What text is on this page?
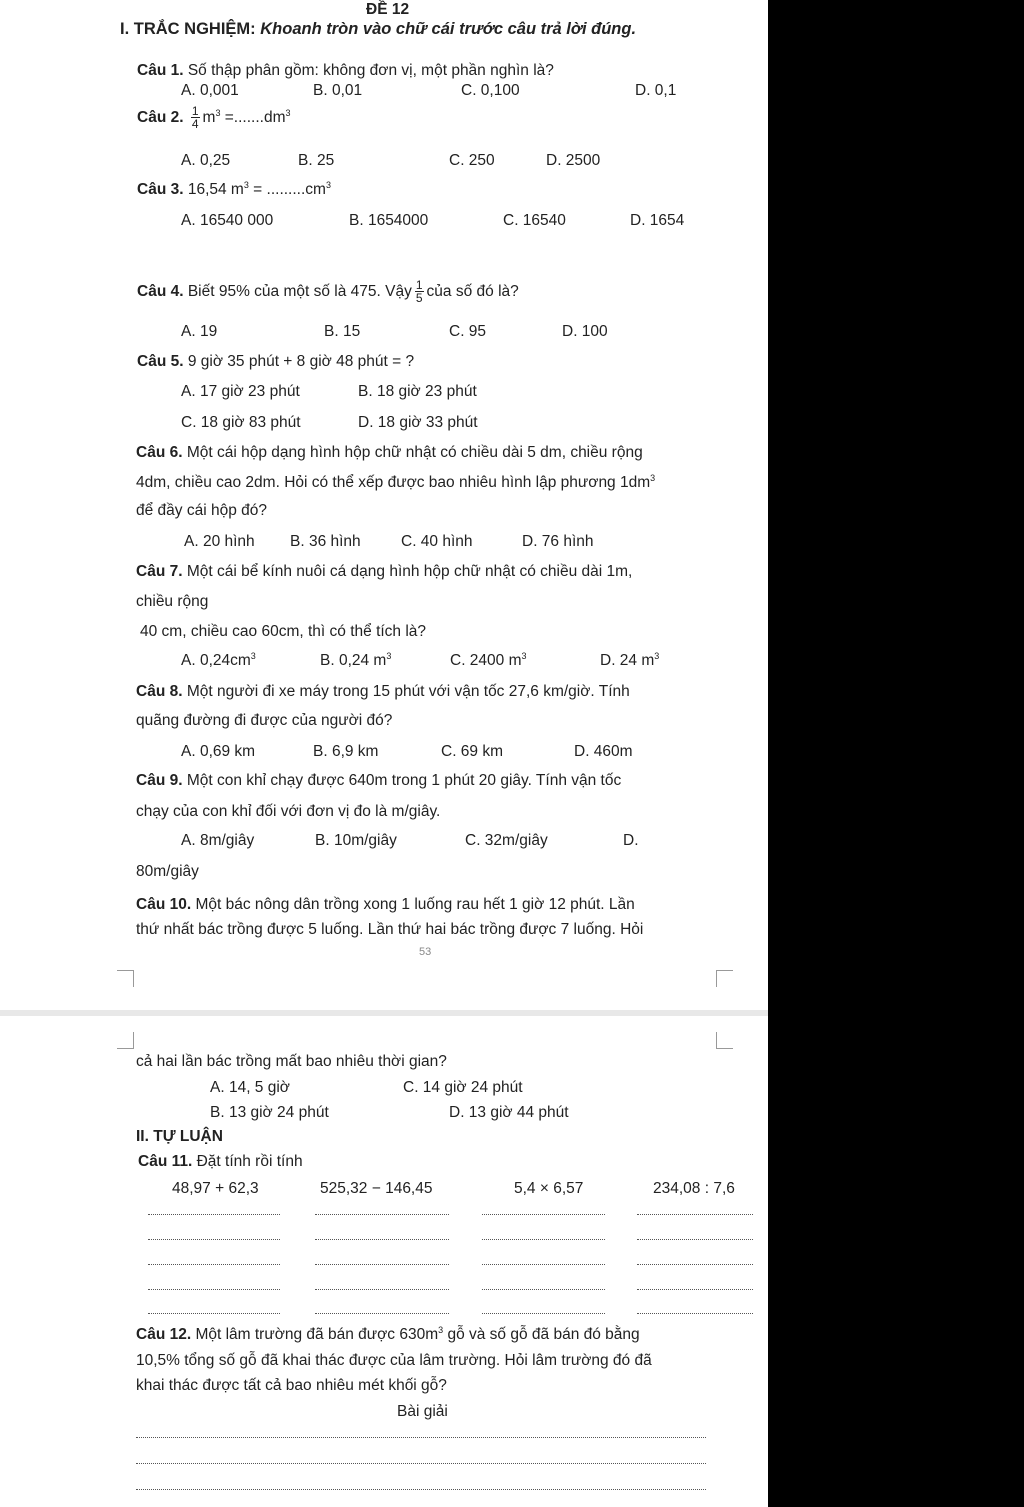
ĐỀ 12
I. TRẮC NGHIỆM: Khoanh tròn vào chữ cái trước câu trả lời đúng.
Câu 1. Số thập phân gồm: không đơn vị, một phần nghìn là?
A. 0,001	B. 0,01	C. 0,100	D. 0,1
Câu 2. $\frac{1}{4} m^3 =.......dm^3$
A. 0,25	B. 25	C. 250	D. 2500
Câu 3. 16,54 $m^3 = .........cm^3$
A. 16540 000	B. 1654000	C. 16540	D. 1654
Câu 4. Biết 95% của một số là 475. Vậy $\frac{1}{5}$ của số đó là?
A. 19	B. 15	C. 95	D. 100
Câu 5. 9 giờ 35 phút + 8 giờ 48 phút = ?
A. 17 giờ 23 phút	B. 18 giờ 23 phút
C. 18 giờ 83 phút	D. 18 giờ 33 phút
Câu 6. Một cái hộp dạng hình hộp chữ nhật có chiều dài 5 dm, chiều rộng
4dm, chiều cao 2dm. Hỏi có thể xếp được bao nhiêu hình lập phương $1dm^3$
để đầy cái hộp đó?
A. 20 hình B. 36 hình	C. 40 hình	D. 76 hình
Câu 7. Một cái bể kính nuôi cá dạng hình hộp chữ nhật có chiều dài 1m,
chiều rộng
40 cm, chiều cao 60cm, thì có thể tích là?
A. $0,24cm^3$	B. 0,24 $m^3$	C. 2400 $m^3$	D. 24 $m^3$
Câu 8. Một người đi xe máy trong 15 phút với vận tốc 27,6 km/giờ. Tính
quãng đường đi được của người đó?
A. 0,69 km	B. 6,9 km	C. 69 km	D. 460m
Câu 9. Một con khỉ chạy được 640m trong 1 phút 20 giây. Tính vận tốc
chạy của con khỉ đối với đơn vị đo là m/giây.
A. 8m/giây	B. 10m/giây	C. 32m/giây	D.
80m/giây
Câu 10. Một bác nông dân trồng xong 1 luống rau hết 1 giờ 12 phút. Lần
thứ nhất bác trồng được 5 luống. Lần thứ hai bác trồng được 7 luống. Hỏi
53
cả hai lần bác trồng mất bao nhiêu thời gian?
A. 14, 5 giờ	C. 14 giờ 24 phút
B. 13 giờ 24 phút	D. 13 giờ 44 phút
II. TỰ LUẬN
Câu 11. Đặt tính rồi tính
48,97 + 62,3	525,32 − 146,45	5,4 × 6,57	234,08 : 7,6
Câu 12. Một lâm trường đã bán được $630m^3$ gỗ và số gỗ đã bán đó bằng
10,5% tổng số gỗ đã khai thác được của lâm trường. Hỏi lâm trường đó đã
khai thác được tất cả bao nhiêu mét khối gỗ?
Bài giải
